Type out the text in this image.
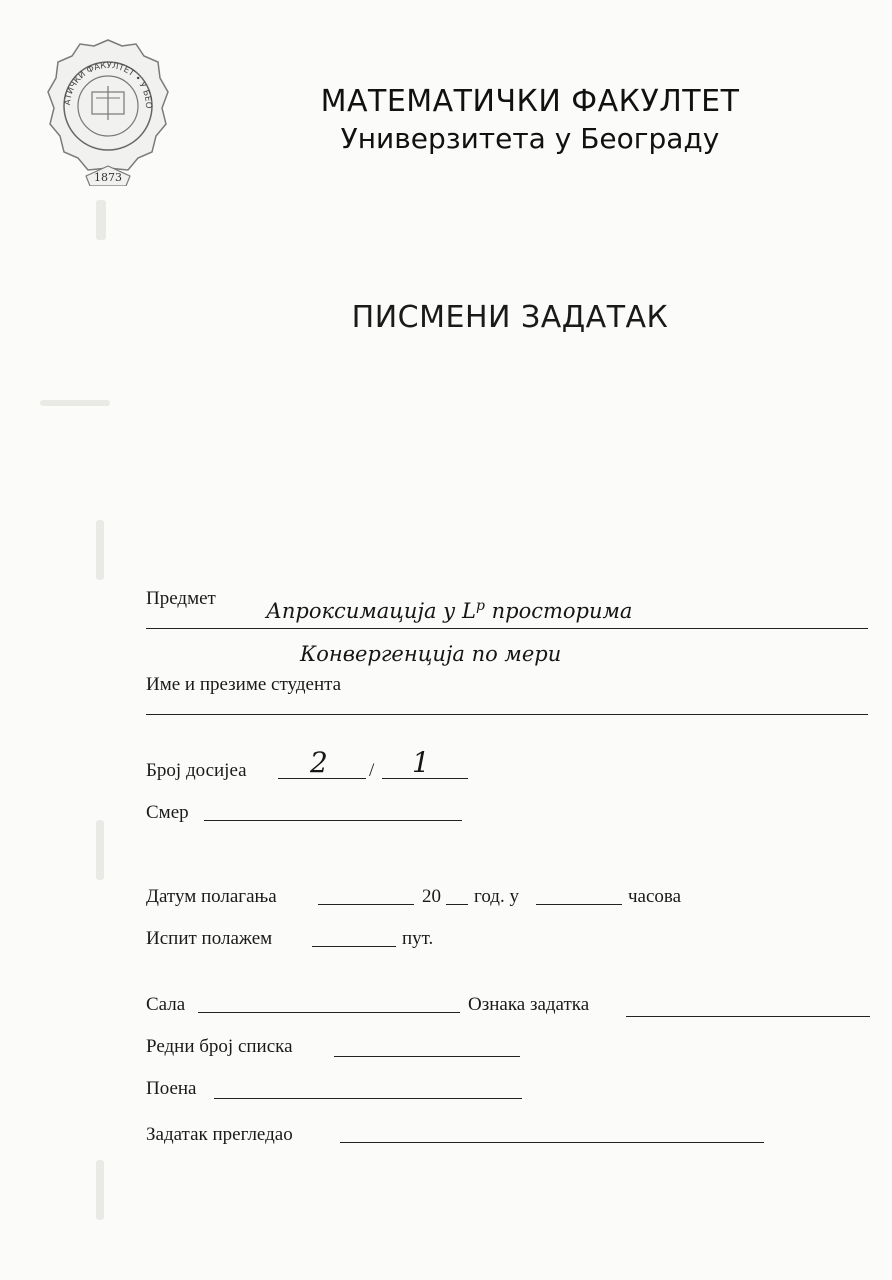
АТИЧКИ ФАКУЛТЕТ • У БЕО
1873
МАТЕМАТИЧКИ ФАКУЛТЕТ
Универзитета у Београду
ПИСМЕНИ ЗАДАТАК
Предмет
Апроксимација у $L^p$ просторима
Конвергенција по мери
Име и презиме студента
Број досијеа 2 / 1
Смер
Датум полагања	20 год. у	часова
Испит полажем	пут.
Сала	Ознака задатка
Редни број списка
Поена
Задатак прегледао
